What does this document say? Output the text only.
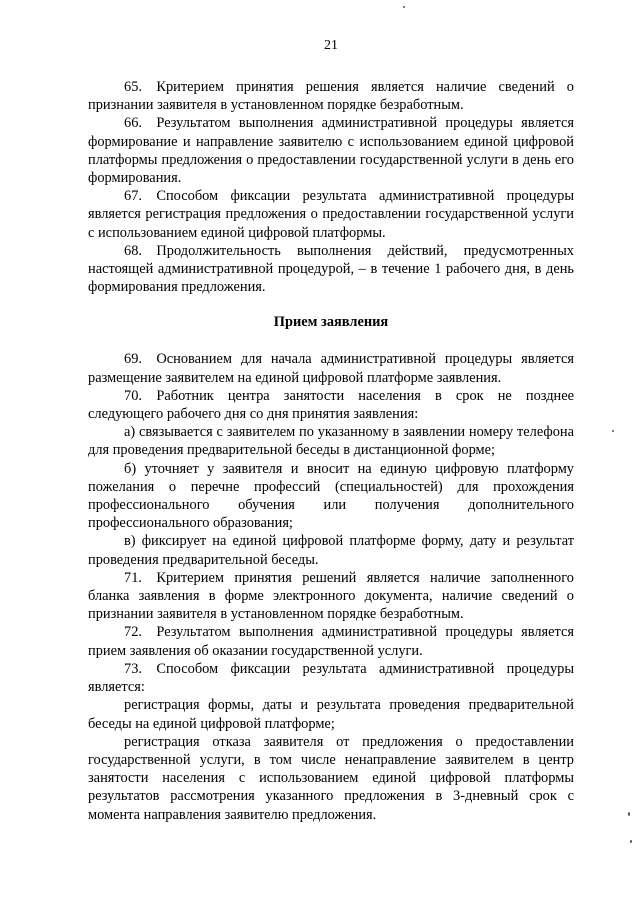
21

65. Критерием принятия решения является наличие сведений о признании заявителя в установленном порядке безработным.

66. Результатом выполнения административной процедуры является формирование и направление заявителю с использованием единой цифровой платформы предложения о предоставлении государственной услуги в день его формирования.

67. Способом фиксации результата административной процедуры является регистрация предложения о предоставлении государственной услуги с использованием единой цифровой платформы.

68. Продолжительность выполнения действий, предусмотренных настоящей административной процедурой, – в течение 1 рабочего дня, в день формирования предложения.

Прием заявления

69. Основанием для начала административной процедуры является размещение заявителем на единой цифровой платформе заявления.

70. Работник центра занятости населения в срок не позднее следующего рабочего дня со дня принятия заявления:

а) связывается с заявителем по указанному в заявлении номеру телефона для проведения предварительной беседы в дистанционной форме;

б) уточняет у заявителя и вносит на единую цифровую платформу пожелания о перечне профессий (специальностей) для прохождения профессионального обучения или получения дополнительного профессионального образования;

в) фиксирует на единой цифровой платформе форму, дату и результат проведения предварительной беседы.

71. Критерием принятия решений является наличие заполненного бланка заявления в форме электронного документа, наличие сведений о признании заявителя в установленном порядке безработным.

72. Результатом выполнения административной процедуры является прием заявления об оказании государственной услуги.

73. Способом фиксации результата административной процедуры является:

регистрация формы, даты и результата проведения предварительной беседы на единой цифровой платформе;

регистрация отказа заявителя от предложения о предоставлении государственной услуги, в том числе ненаправление заявителем в центр занятости населения с использованием единой цифровой платформы результатов рассмотрения указанного предложения в 3-дневный срок с момента направления заявителю предложения.
